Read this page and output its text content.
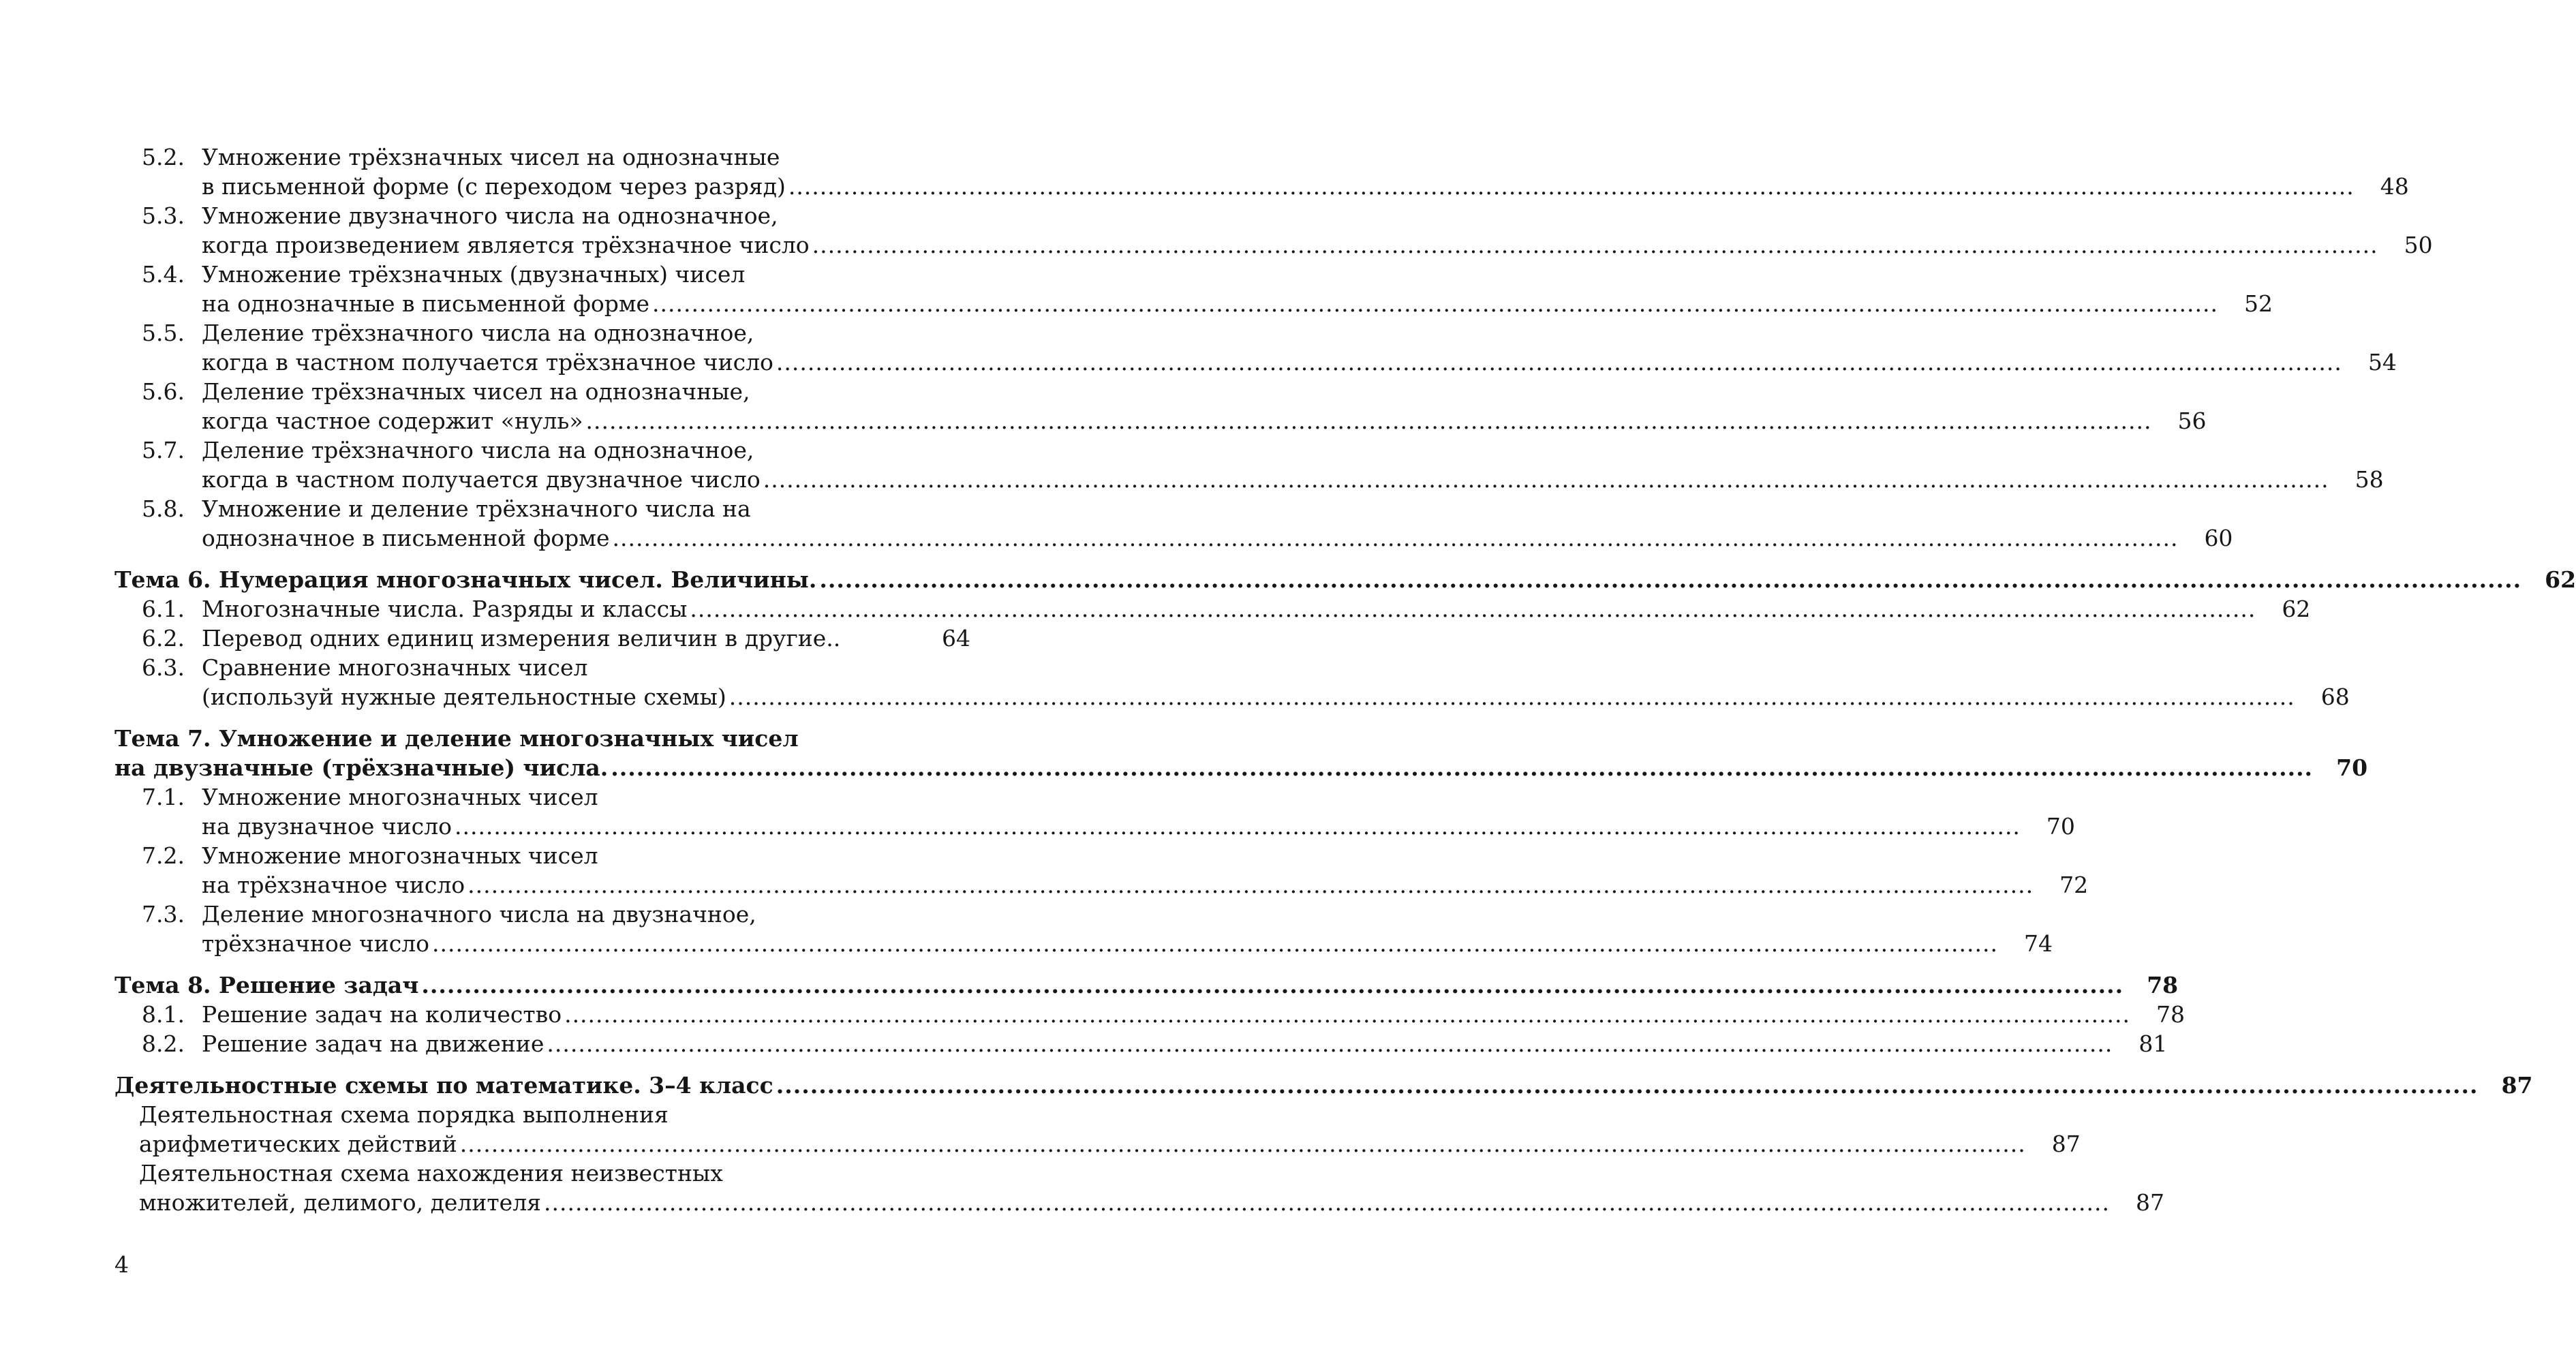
5.2. Умножение трёхзначных чисел на однозначные
в письменной форме (с переходом через разряд) ........................................................................................................................................................................................................	48
5.3. Умножение двузначного числа на однозначное,
когда произведением является трёхзначное число ........................................................................................................................................................................................................	50
5.4. Умножение трёхзначных (двузначных) чисел
на однозначные в письменной форме ........................................................................................................................................................................................................	52
5.5. Деление трёхзначного числа на однозначное,
когда в частном получается трёхзначное число ........................................................................................................................................................................................................	54
5.6. Деление трёхзначных чисел на однозначные,
когда частное содержит «нуль» ........................................................................................................................................................................................................	56
5.7. Деление трёхзначного числа на однозначное,
когда в частном получается двузначное число ........................................................................................................................................................................................................	58
5.8. Умножение и деление трёхзначного числа на
однозначное в письменной форме ........................................................................................................................................................................................................	60
Тема 6. Нумерация многозначных чисел. Величины. ........................................................................................................................................................................................................	62
6.1. Многозначные числа. Разряды и классы ........................................................................................................................................................................................................	62
6.2. Перевод одних единиц измерения величин в другие..	64
6.3. Сравнение многозначных чисел
(используй нужные деятельностные схемы) ........................................................................................................................................................................................................	68
Тема 7. Умножение и деление многозначных чисел
на двузначные (трёхзначные) числа. ........................................................................................................................................................................................................	70
7.1. Умножение многозначных чисел
на двузначное число ........................................................................................................................................................................................................	70
7.2. Умножение многозначных чисел
на трёхзначное число ........................................................................................................................................................................................................	72
7.3. Деление многозначного числа на двузначное,
трёхзначное число ........................................................................................................................................................................................................	74
Тема 8. Решение задач ........................................................................................................................................................................................................	78
8.1. Решение задач на количество ........................................................................................................................................................................................................	78
8.2. Решение задач на движение ........................................................................................................................................................................................................	81
Деятельностные схемы по математике. 3–4 класс ........................................................................................................................................................................................................	87
Деятельностная схема порядка выполнения
арифметических действий ........................................................................................................................................................................................................	87
Деятельностная схема нахождения неизвестных
множителей, делимого, делителя ........................................................................................................................................................................................................	87
4
